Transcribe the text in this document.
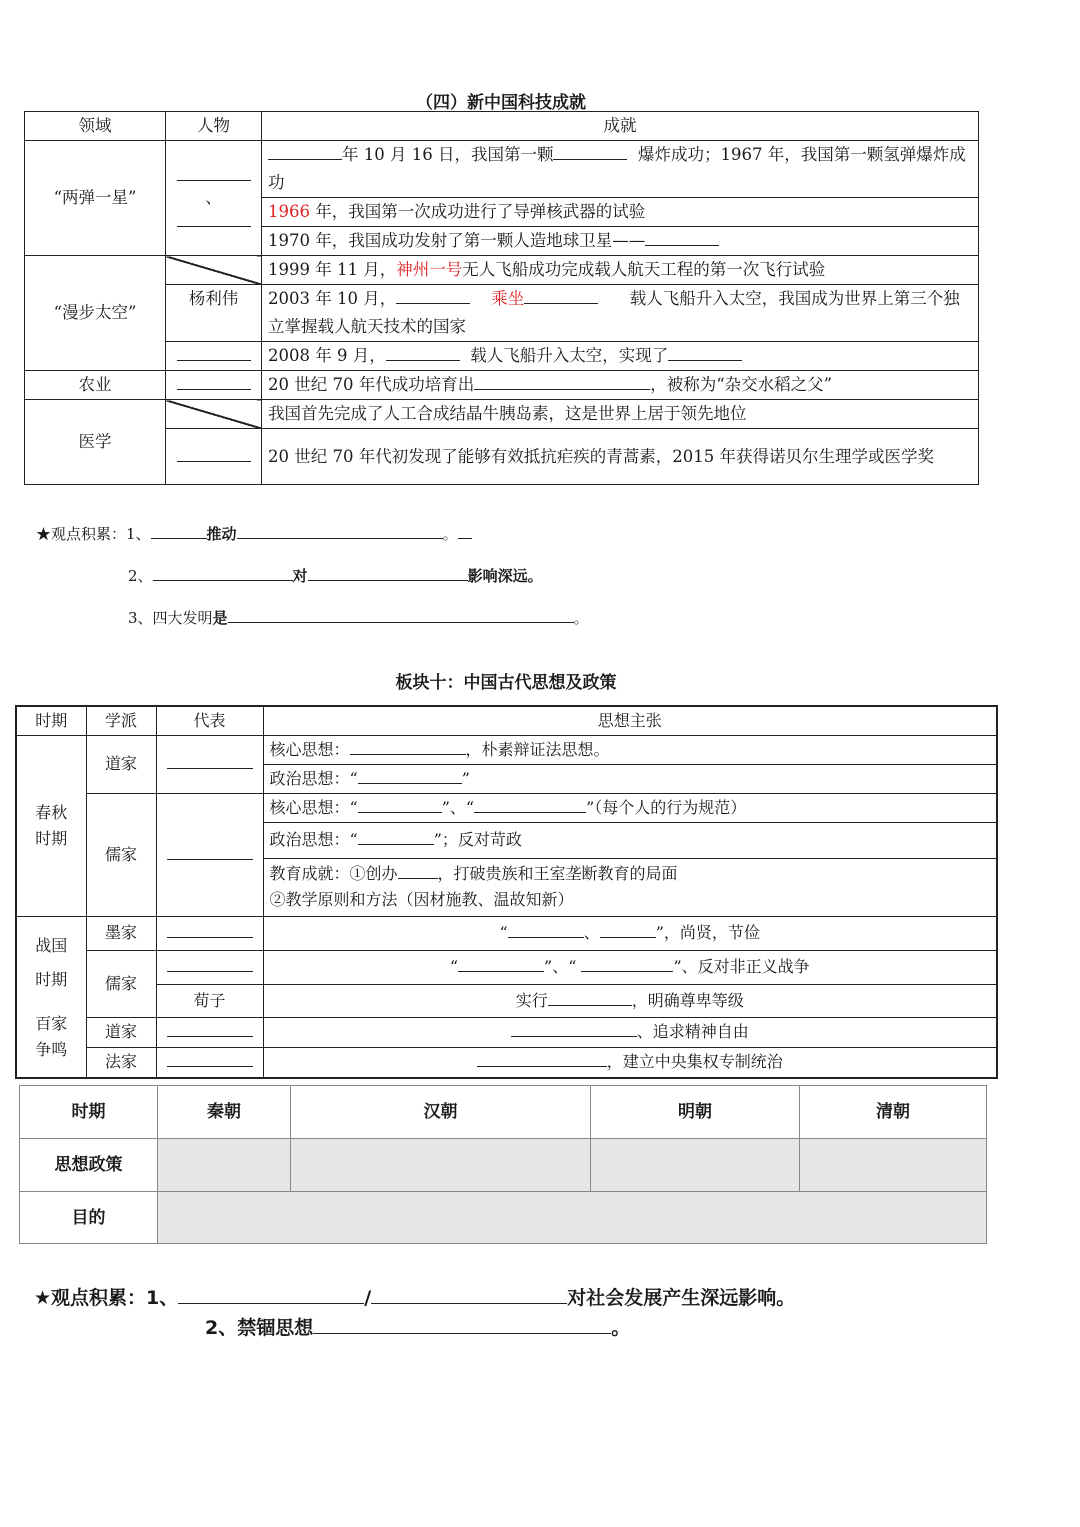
（四）新中国科技成就
领域	人物	成就
“两弹一星”	、	年 10 月 16 日，我国第一颗 爆炸成功；1967 年，我国第一颗氢弹爆炸成功
		1966 年，我国第一次成功进行了导弹核武器的试验
		1970 年，我国成功发射了第一颗人造地球卫星——
“漫步太空”		1999 年 11 月，神州一号无人飞船成功完成载人航天工程的第一次飞行试验
	杨利伟	2003 年 10 月， 乘坐 载人飞船升入太空，我国成为世界上第三个独立掌握载人航天技术的国家
		2008 年 9 月， 载人飞船升入太空，实现了
农业		20 世纪 70 年代成功培育出 ，被称为“杂交水稻之父”
医学		我国首先完成了人工合成结晶牛胰岛素，这是世界上居于领先地位
		20 世纪 70 年代初发现了能够有效抵抗疟疾的青蒿素，2015 年获得诺贝尔生理学或医学奖
★观点积累：1、	推动	。
2、	对	影响深远。
3、四大发明是	。
板块十：中国古代思想及政策
时期	学派	代表	思想主张
春秋时期	道家		核心思想： ，朴素辩证法思想。
			政治思想：“ ”
	儒家		核心思想：“ ”、“ ”（每个人的行为规范）
			政治思想：“ ”；反对苛政

			教育成就：①创办 ，打破贵族和王室垄断教育的局面
②教学原则和方法（因材施教、温故知新）

战国时期
百家争鸣	墨家		“ 、 ”，尚贤，节俭
	儒家		“ ”、“ ”、反对非正义战争
		荀子	实行 ，明确尊卑等级
	道家		、追求精神自由
	法家		，建立中央集权专制统治
时期	秦朝	汉朝	明朝	清朝
思想政策				
目的				
★观点积累：1、	/	对社会发展产生深远影响。
2、禁锢思想	。
